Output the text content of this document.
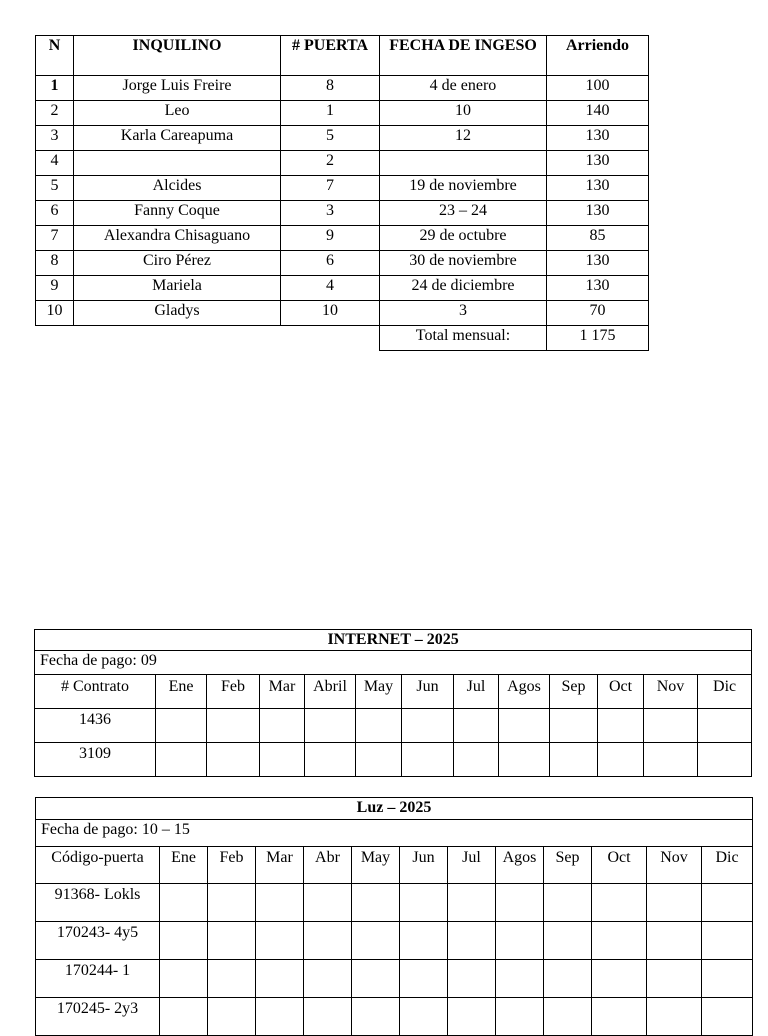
N	INQUILINO	# PUERTA	FECHA DE INGESO	Arriendo
1	Jorge Luis Freire	8	4 de enero	100
2	Leo	1	10	140
3	Karla Careapuma	5	12	130
4		2		130
5	Alcides	7	19 de noviembre	130
6	Fanny Coque	3	23 – 24	130
7	Alexandra Chisaguano	9	29 de octubre	85
8	Ciro Pérez	6	30 de noviembre	130
9	Mariela	4	24 de diciembre	130
10	Gladys	10	3	70
			Total mensual:	1 175
INTERNET – 2025												
Fecha de pago: 09												
# Contrato	Ene	Feb	Mar	Abril	May	Jun	Jul	Agos	Sep	Oct	Nov	Dic
1436												
3109												
Luz – 2025												
Fecha de pago: 10 – 15												
Código-puerta	Ene	Feb	Mar	Abr	May	Jun	Jul	Agos	Sep	Oct	Nov	Dic
91368- Lokls												
170243- 4y5												
170244- 1												
170245- 2y3												
